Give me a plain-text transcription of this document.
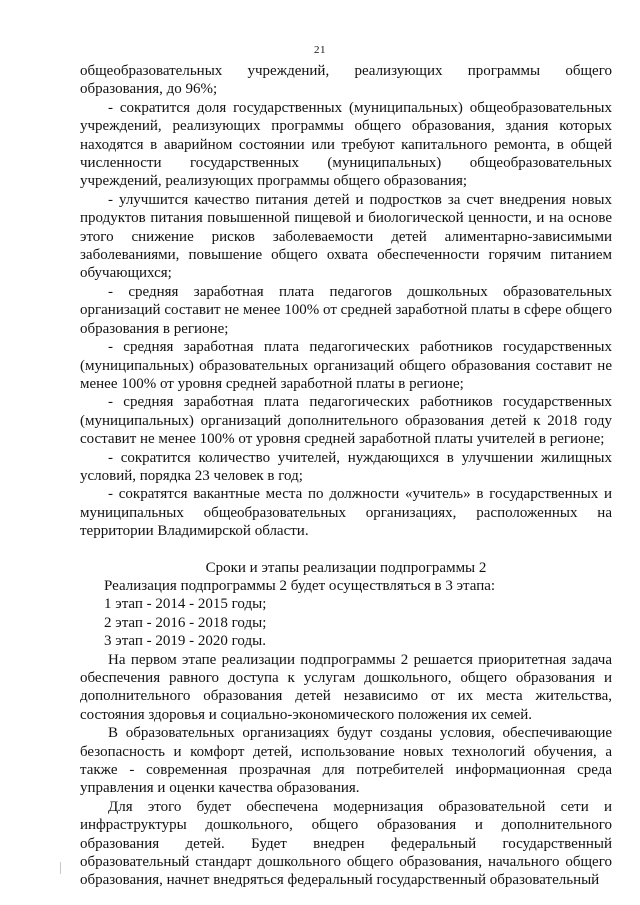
21

общеобразовательных учреждений, реализующих программы общего образования, до 96%;

- сократится доля государственных (муниципальных) общеобразовательных учреждений, реализующих программы общего образования, здания которых находятся в аварийном состоянии или требуют капитального ремонта, в общей численности государственных (муниципальных) общеобразовательных учреждений, реализующих программы общего образования;

- улучшится качество питания детей и подростков за счет внедрения новых продуктов питания повышенной пищевой и биологической ценности, и на основе этого снижение рисков заболеваемости детей алиментарно-зависимыми заболеваниями, повышение общего охвата обеспеченности горячим питанием обучающихся;

- средняя заработная плата педагогов дошкольных образовательных организаций составит не менее 100% от средней заработной платы в сфере общего образования в регионе;

- средняя заработная плата педагогических работников государственных (муниципальных) образовательных организаций общего образования составит не менее 100% от уровня средней заработной платы в регионе;

- средняя заработная плата педагогических работников государственных (муниципальных) организаций дополнительного образования детей к 2018 году составит не менее 100% от уровня средней заработной платы учителей в регионе;

- сократится количество учителей, нуждающихся в улучшении жилищных условий, порядка 23 человек в год;

- сократятся вакантные места по должности «учитель» в государственных и муниципальных общеобразовательных организациях, расположенных на территории Владимирской области.

Сроки и этапы реализации подпрограммы 2

Реализация подпрограммы 2 будет осуществляться в 3 этапа:

1 этап - 2014 - 2015 годы;

2 этап - 2016 - 2018 годы;

3 этап - 2019 - 2020 годы.

На первом этапе реализации подпрограммы 2 решается приоритетная задача обеспечения равного доступа к услугам дошкольного, общего образования и дополнительного образования детей независимо от их места жительства, состояния здоровья и социально-экономического положения их семей.

В образовательных организациях будут созданы условия, обеспечивающие безопасность и комфорт детей, использование новых технологий обучения, а также - современная прозрачная для потребителей информационная среда управления и оценки качества образования.

Для этого будет обеспечена модернизация образовательной сети и инфраструктуры дошкольного, общего образования и дополнительного образования детей. Будет внедрен федеральный государственный образовательный стандарт дошкольного общего образования, начального общего образования, начнет внедряться федеральный государственный образовательный
